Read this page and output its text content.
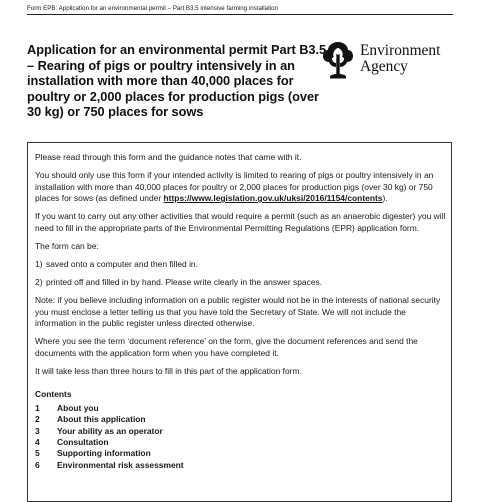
Form EPB: Application for an environmental permit – Part B3.5 intensive farming installation
Application for an environmental permit Part B3.5 – Rearing of pigs or poultry intensively in an installation with more than 40,000 places for poultry or 2,000 places for production pigs (over 30 kg) or 750 places for sows
Environment
Agency

Please read through this form and the guidance notes that came with it.

You should only use this form if your intended activity is limited to rearing of pigs or poultry intensively in an installation with more than 40,000 places for poultry or 2,000 places for production pigs (over 30 kg) or 750 places for sows (as defined under https://www.legislation.gov.uk/uksi/2016/1154/contents).

If you want to carry out any other activities that would require a permit (such as an anaerobic digester) you will need to fill in the appropriate parts of the Environmental Permitting Regulations (EPR) application form.

The form can be:

1) saved onto a computer and then filled in.

2) printed off and filled in by hand. Please write clearly in the answer spaces.

Note: if you believe including information on a public register would not be in the interests of national security you must enclose a letter telling us that you have told the Secretary of State. We will not include the information in the public register unless directed otherwise.

Where you see the term ‘document reference’ on the form, give the document references and send the documents with the application form when you have completed it.

It will take less than three hours to fill in this part of the application form.

Contents
1	About you
2	About this application
3	Your ability as an operator
4	Consultation
5	Supporting information
6	Environmental risk assessment
